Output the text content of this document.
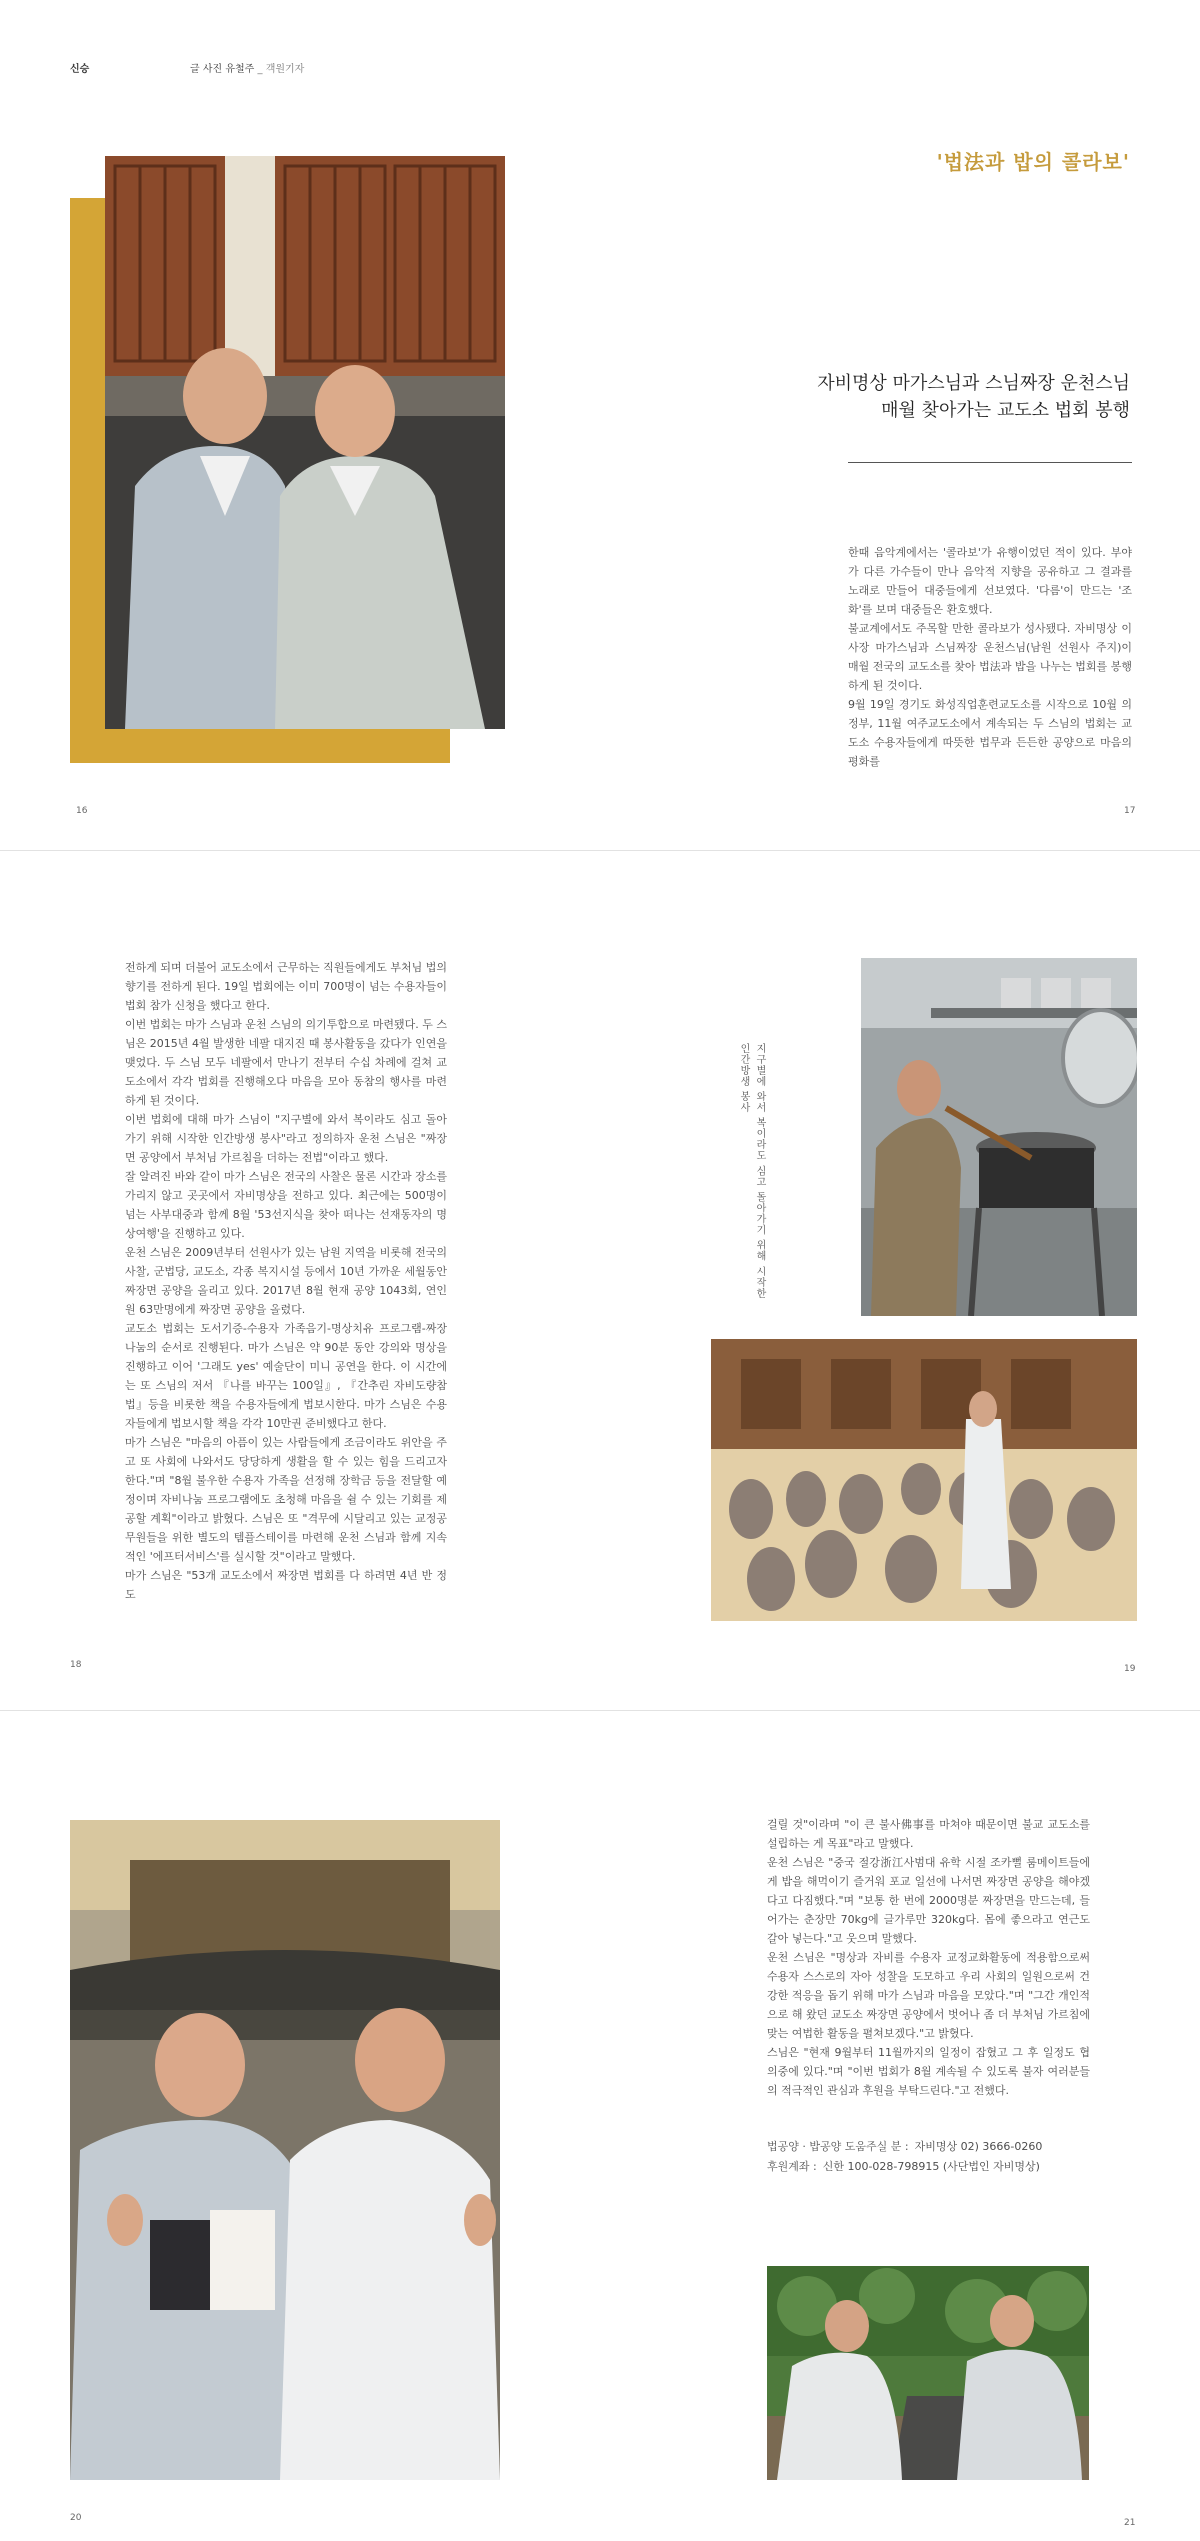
신승	글 사진 유철주 _ 객원기자
'법法과 밥의 콜라보'
자비명상 마가스님과 스님짜장 운천스님
매월 찾아가는 교도소 법회 봉행

한때 음악계에서는 '콜라보'가 유행이었던 적이 있다. 부야가 다른 가수들이 만나 음악적 지향을 공유하고 그 결과를 노래로 만들어 대중들에게 선보였다. '다름'이 만드는 '조화'를 보며 대중들은 환호했다.

불교계에서도 주목할 만한 콜라보가 성사됐다. 자비명상 이사장 마가스님과 스님짜장 운천스님(남원 선원사 주지)이 매월 전국의 교도소를 찾아 법法과 밥을 나누는 법회를 봉행하게 된 것이다.

9월 19일 경기도 화성직업훈련교도소를 시작으로 10월 의정부, 11월 여주교도소에서 계속되는 두 스님의 법회는 교도소 수용자들에게 따뜻한 법무과 든든한 공양으로 마음의 평화를

16	17

전하게 되며 더불어 교도소에서 근무하는 직원들에게도 부처님 법의 향기를 전하게 된다. 19일 법회에는 이미 700명이 넘는 수용자들이 법회 참가 신청을 했다고 한다.

이번 법회는 마가 스님과 운천 스님의 의기투합으로 마련됐다. 두 스님은 2015년 4월 발생한 네팔 대지진 때 봉사활동을 갔다가 인연을 맺었다. 두 스님 모두 네팔에서 만나기 전부터 수십 차례에 걸쳐 교도소에서 각각 법회를 진행해오다 마음을 모아 동참의 행사를 마련하게 된 것이다.

이번 법회에 대해 마가 스님이 "지구별에 와서 복이라도 심고 돌아가기 위해 시작한 인간방생 봉사"라고 정의하자 운천 스님은 "짜장면 공양에서 부처님 가르침을 더하는 전법"이라고 했다.

잘 알려진 바와 같이 마가 스님은 전국의 사찰은 물론 시간과 장소를 가리지 않고 곳곳에서 자비명상을 전하고 있다. 최근에는 500명이 넘는 사부대중과 함께 8월 '53선지식을 찾아 떠나는 선재동자의 명상여행'을 진행하고 있다.

운천 스님은 2009년부터 선원사가 있는 남원 지역을 비롯해 전국의 사찰, 군법당, 교도소, 각종 복지시설 등에서 10년 가까운 세월동안 짜장면 공양을 올리고 있다. 2017년 8월 현재 공양 1043회, 연인원 63만명에게 짜장면 공양을 올렸다.

교도소 법회는 도서기증-수용자 가족음기-명상치유 프로그램-짜장 나눔의 순서로 진행된다. 마가 스님은 약 90분 동안 강의와 명상을 진행하고 이어 '그래도 yes' 예술단이 미니 공연을 한다. 이 시간에는 또 스님의 저서 『나를 바꾸는 100일』, 『간추린 자비도량참법』등을 비롯한 책을 수용자들에게 법보시한다. 마가 스님은 수용자들에게 법보시할 책을 각각 10만권 준비했다고 한다.

마가 스님은 "마음의 아픔이 있는 사람들에게 조금이라도 위안을 주고 또 사회에 나와서도 당당하게 생활을 할 수 있는 힘을 드리고자 한다."며 "8월 불우한 수용자 가족을 선정해 장학금 등을 전달할 예정이며 자비나눔 프로그램에도 초청해 마음을 쉴 수 있는 기회를 제공할 계획"이라고 밝혔다. 스님은 또 "격무에 시달리고 있는 교정공무원들을 위한 별도의 템플스테이를 마련해 운천 스님과 함께 지속적인 '에프터서비스'를 실시할 것"이라고 말했다.

마가 스님은 "53개 교도소에서 짜장면 법회를 다 하려면 4년 반 정도

지구별에 와서 복이라도 심고 돌아가기 위해 시작한 인간방생 봉사
18	19

걸릴 것"이라며 "이 큰 불사佛事를 마쳐야 때문이면 불교 교도소를 설립하는 게 목표"라고 말했다.

운천 스님은 "중국 절강浙江사범대 유학 시절 조카뻘 룸메이트들에게 밥을 해먹이기 즐거워 포교 일선에 나서면 짜장면 공양을 해야겠다고 다짐했다."며 "보통 한 번에 2000명분 짜장면을 만드는데, 들어가는 춘장만 70kg에 글가루만 320kg다. 몸에 좋으라고 연근도 갈아 넣는다."고 웃으며 말했다.

운천 스님은 "명상과 자비를 수용자 교정교화활동에 적용함으로써 수용자 스스로의 자아 성찰을 도모하고 우리 사회의 일원으로써 건강한 적응을 돕기 위해 마가 스님과 마음을 모았다."며 "그간 개인적으로 해 왔던 교도소 짜장면 공양에서 벗어나 좀 더 부처님 가르침에 맞는 여법한 활동을 펼쳐보겠다."고 밝혔다.

스님은 "현재 9월부터 11월까지의 일정이 잡혔고 그 후 일정도 협의중에 있다."며 "이번 법회가 8월 계속될 수 있도록 불자 여러분들의 적극적인 관심과 후원을 부탁드린다."고 전했다.

법공양 · 밥공양 도움주실 분 : 자비명상 02) 3666-0260
후원계좌 : 신한 100-028-798915 (사단법인 자비명상)
20	21
